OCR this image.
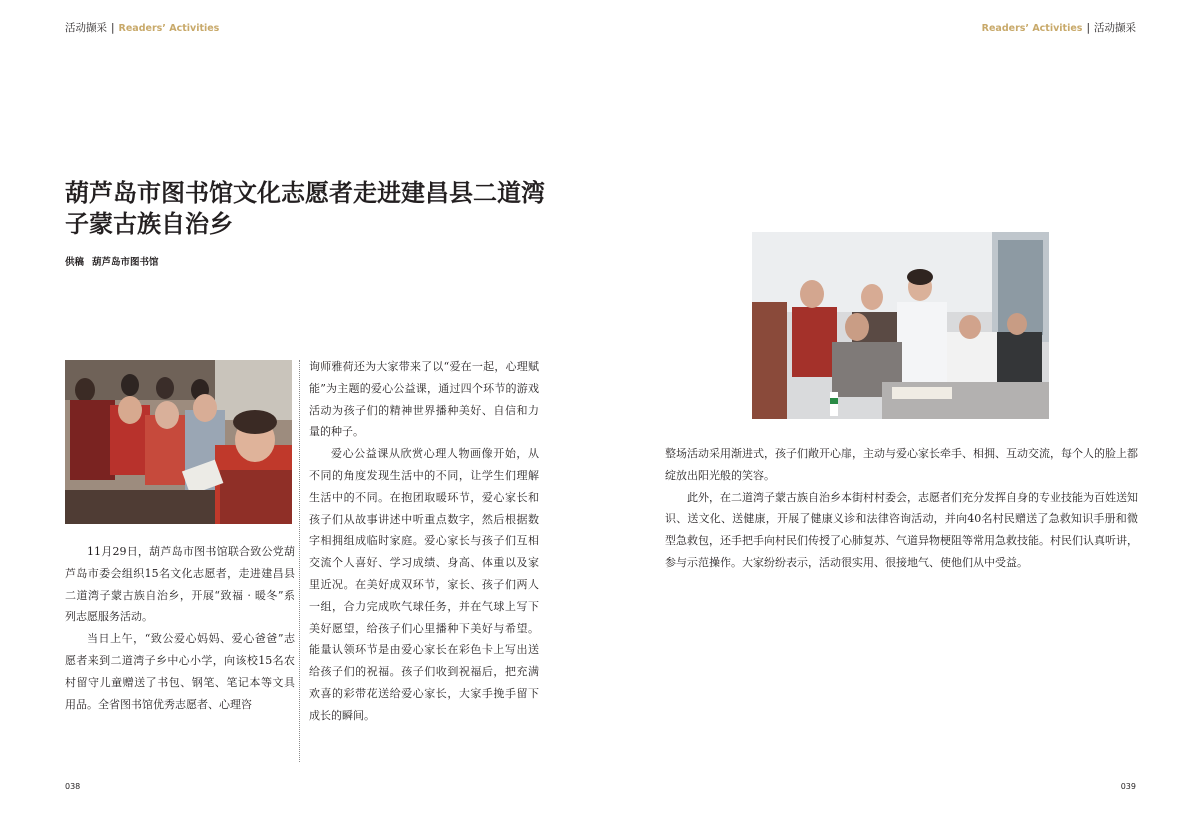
活动撷采 | Readers’ Activities
葫芦岛市图书馆文化志愿者走进建昌县二道湾子蒙古族自治乡
供稿 葫芦岛市图书馆

11月29日，葫芦岛市图书馆联合致公党葫芦岛市委会组织15名文化志愿者，走进建昌县二道湾子蒙古族自治乡，开展“致福 · 暖冬”系列志愿服务活动。

当日上午，“致公爱心妈妈、爱心爸爸”志愿者来到二道湾子乡中心小学，向该校15名农村留守儿童赠送了书包、钢笔、笔记本等文具用品。全省图书馆优秀志愿者、心理咨

询师雅荷还为大家带来了以“爱在一起，心理赋能”为主题的爱心公益课，通过四个环节的游戏活动为孩子们的精神世界播种美好、自信和力量的种子。

爱心公益课从欣赏心理人物画像开始，从不同的角度发现生活中的不同，让学生们理解生活中的不同。在抱团取暖环节，爱心家长和孩子们从故事讲述中听重点数字，然后根据数字相拥组成临时家庭。爱心家长与孩子们互相交流个人喜好、学习成绩、身高、体重以及家里近况。在美好成双环节，家长、孩子们两人一组，合力完成吹气球任务，并在气球上写下美好愿望，给孩子们心里播种下美好与希望。能量认领环节是由爱心家长在彩色卡上写出送给孩子们的祝福。孩子们收到祝福后，把充满欢喜的彩带花送给爱心家长，大家手挽手留下成长的瞬间。

038
Readers’ Activities | 活动撷采

整场活动采用渐进式，孩子们敞开心扉，主动与爱心家长牵手、相拥、互动交流，每个人的脸上都绽放出阳光般的笑容。

此外，在二道湾子蒙古族自治乡本街村村委会，志愿者们充分发挥自身的专业技能为百姓送知识、送文化、送健康，开展了健康义诊和法律咨询活动，并向40名村民赠送了急救知识手册和微型急救包，还手把手向村民们传授了心肺复苏、气道异物梗阻等常用急救技能。村民们认真听讲，参与示范操作。大家纷纷表示，活动很实用、很接地气、使他们从中受益。

039
